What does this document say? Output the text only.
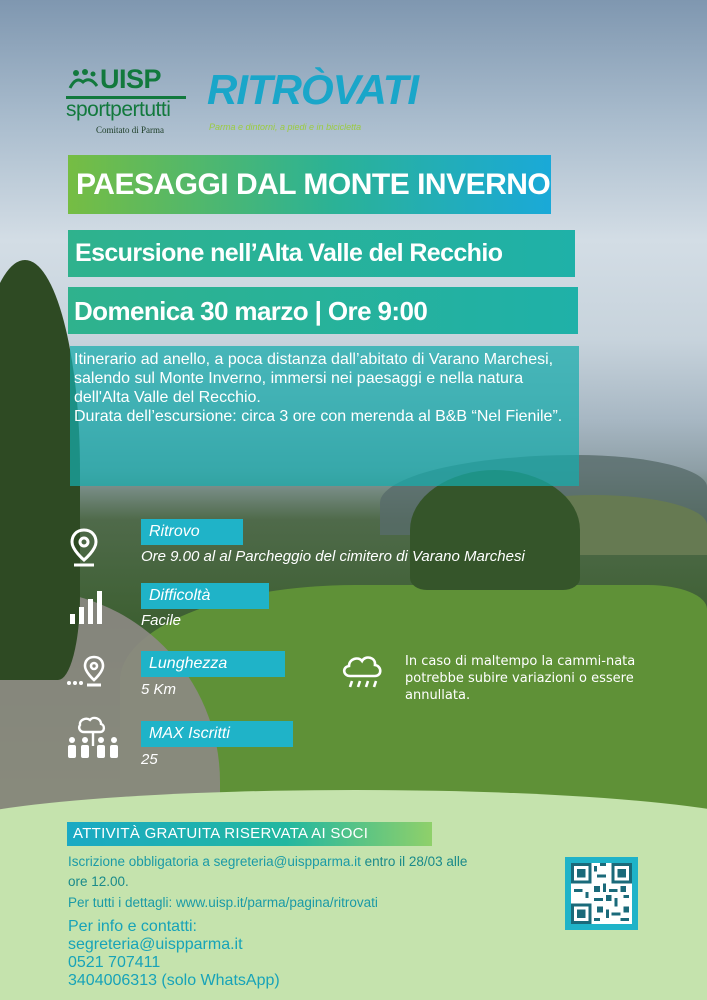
UISP
sportpertutti
Comitato di Parma
RITRÒVATI
Parma e dintorni, a piedi e in bicicletta
PAESAGGI DAL MONTE INVERNO
Escursione nell’Alta Valle del Recchio
Domenica 30 marzo | Ore 9:00

Itinerario ad anello, a poca distanza dall’abitato di Varano Marchesi, salendo sul Monte Inverno, immersi nei paesaggi e nella natura dell'Alta Valle del Recchio.

Durata dell’escursione: circa 3 ore con merenda al B&B “Nel Fienile”.

Ritrovo
Ore 9.00 al al Parcheggio del cimitero di Varano Marchesi
Difficoltà
Facile
Lunghezza
5 Km
MAX Iscritti
25
In caso di maltempo la cammi-nata potrebbe subire variazioni o essere annullata.
ATTIVITÀ GRATUITA RISERVATA AI SOCI
Iscrizione obbligatoria a segreteria@uispparma.it entro il 28/03 alle ore 12.00.
Per tutti i dettagli: www.uisp.it/parma/pagina/ritrovati
Per info e contatti:
segreteria@uispparma.it
0521 707411
3404006313 (solo WhatsApp)
